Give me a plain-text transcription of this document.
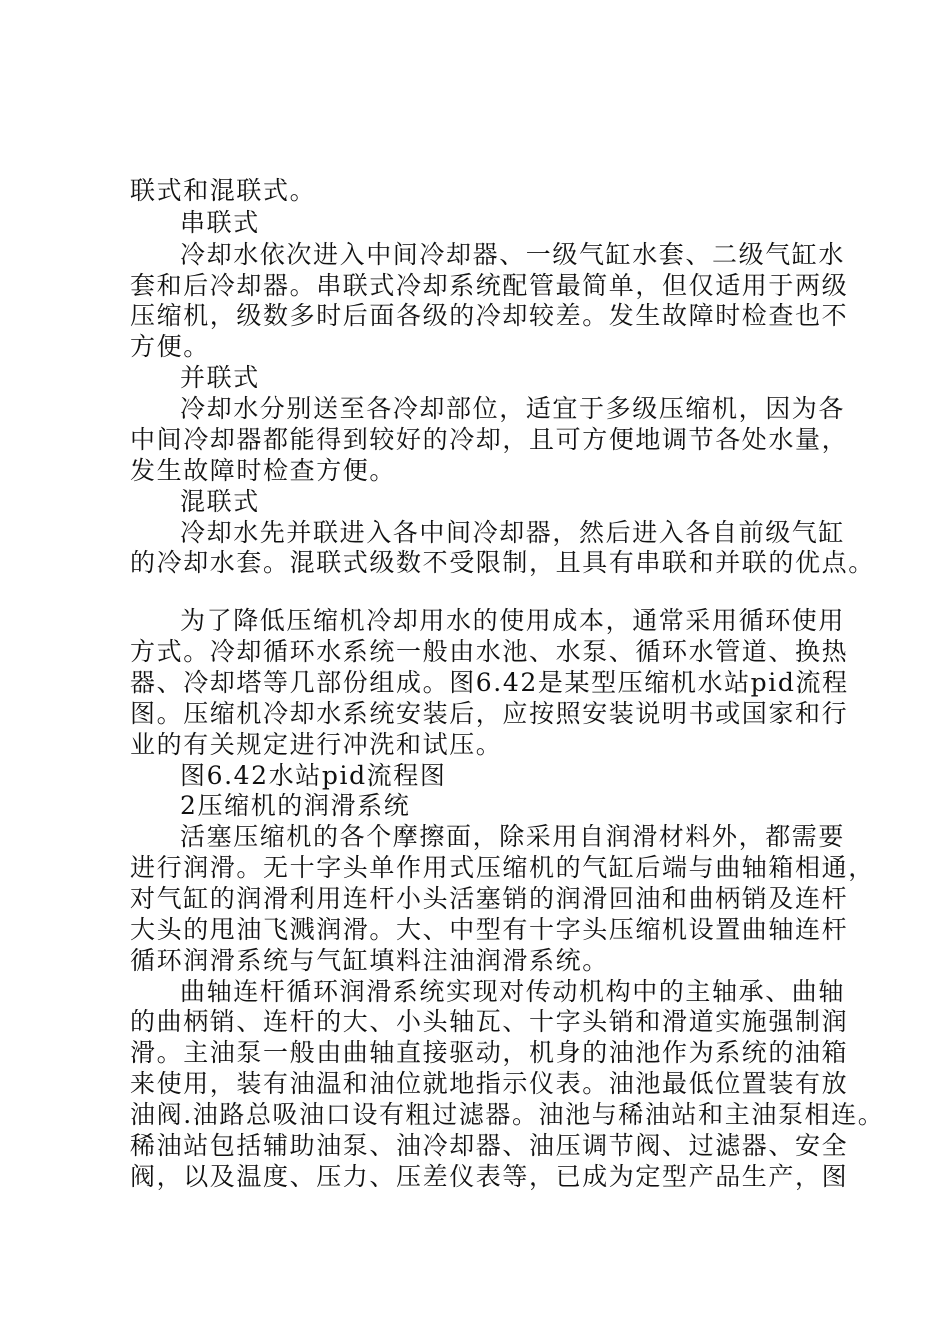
联式和混联式。
串联式
冷却水依次进入中间冷却器、一级气缸水套、二级气缸水
套和后冷却器。串联式冷却系统配管最简单，但仅适用于两级
压缩机，级数多时后面各级的冷却较差。发生故障时检查也不
方便。
并联式
冷却水分别送至各冷却部位，适宜于多级压缩机，因为各
中间冷却器都能得到较好的冷却，且可方便地调节各处水量，
发生故障时检查方便。
混联式
冷却水先并联进入各中间冷却器，然后进入各自前级气缸
的冷却水套。混联式级数不受限制，且具有串联和并联的优点。
为了降低压缩机冷却用水的使用成本，通常采用循环使用
方式。冷却循环水系统一般由水池、水泵、循环水管道、换热
器、冷却塔等几部份组成。图6.42是某型压缩机水站pid流程
图。压缩机冷却水系统安装后，应按照安装说明书或国家和行
业的有关规定进行冲洗和试压。
图6.42水站pid流程图
2压缩机的润滑系统
活塞压缩机的各个摩擦面，除采用自润滑材料外，都需要
进行润滑。无十字头单作用式压缩机的气缸后端与曲轴箱相通，
对气缸的润滑利用连杆小头活塞销的润滑回油和曲柄销及连杆
大头的甩油飞溅润滑。大、中型有十字头压缩机设置曲轴连杆
循环润滑系统与气缸填料注油润滑系统。
曲轴连杆循环润滑系统实现对传动机构中的主轴承、曲轴
的曲柄销、连杆的大、小头轴瓦、十字头销和滑道实施强制润
滑。主油泵一般由曲轴直接驱动，机身的油池作为系统的油箱
来使用，装有油温和油位就地指示仪表。油池最低位置装有放
油阀.油路总吸油口设有粗过滤器。油池与稀油站和主油泵相连。
稀油站包括辅助油泵、油冷却器、油压调节阀、过滤器、安全
阀，以及温度、压力、压差仪表等，已成为定型产品生产，图
